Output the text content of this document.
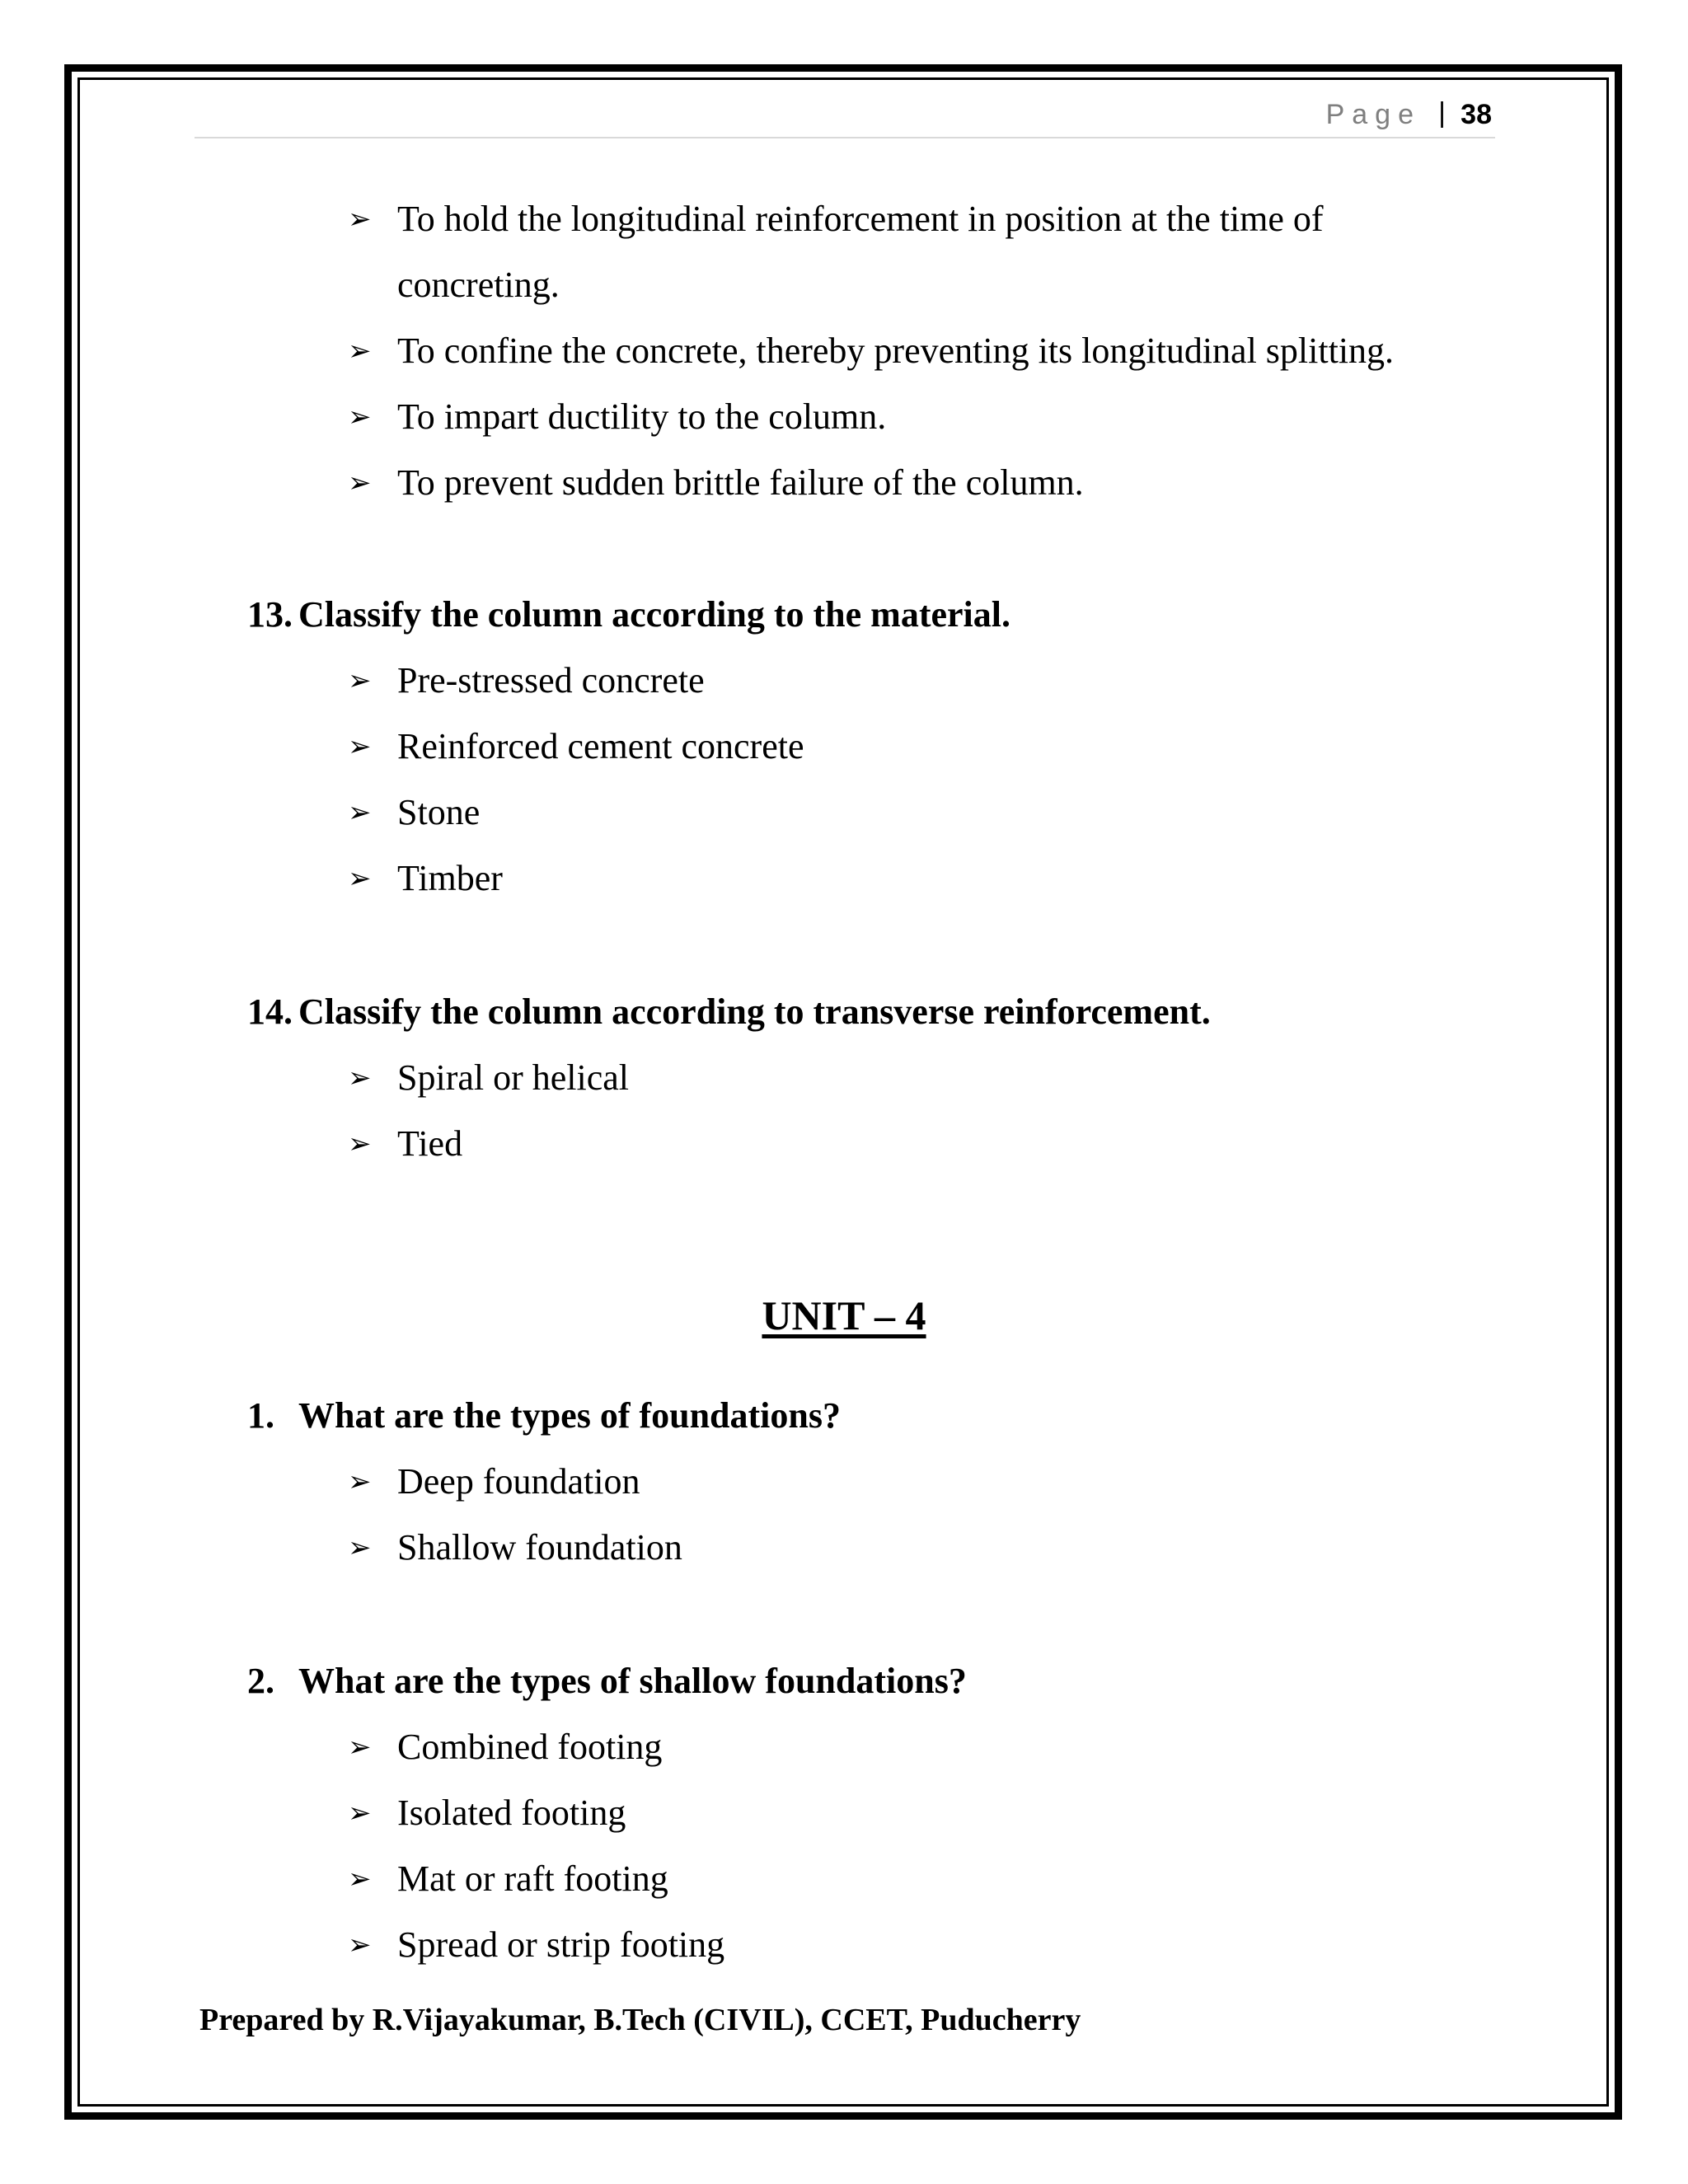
Page | 38
➢ To hold the longitudinal reinforcement in position at the time of
concreting.
➢ To confine the concrete, thereby preventing its longitudinal splitting.
➢ To impart ductility to the column.
➢ To prevent sudden brittle failure of the column.
13. Classify the column according to the material.
➢ Pre-stressed concrete
➢ Reinforced cement concrete
➢ Stone
➢ Timber
14. Classify the column according to transverse reinforcement.
➢ Spiral or helical
➢ Tied
UNIT – 4
1. What are the types of foundations?
➢ Deep foundation
➢ Shallow foundation
2. What are the types of shallow foundations?
➢ Combined footing
➢ Isolated footing
➢ Mat or raft footing
➢ Spread or strip footing
Prepared by R.Vijayakumar, B.Tech (CIVIL), CCET, Puducherry
